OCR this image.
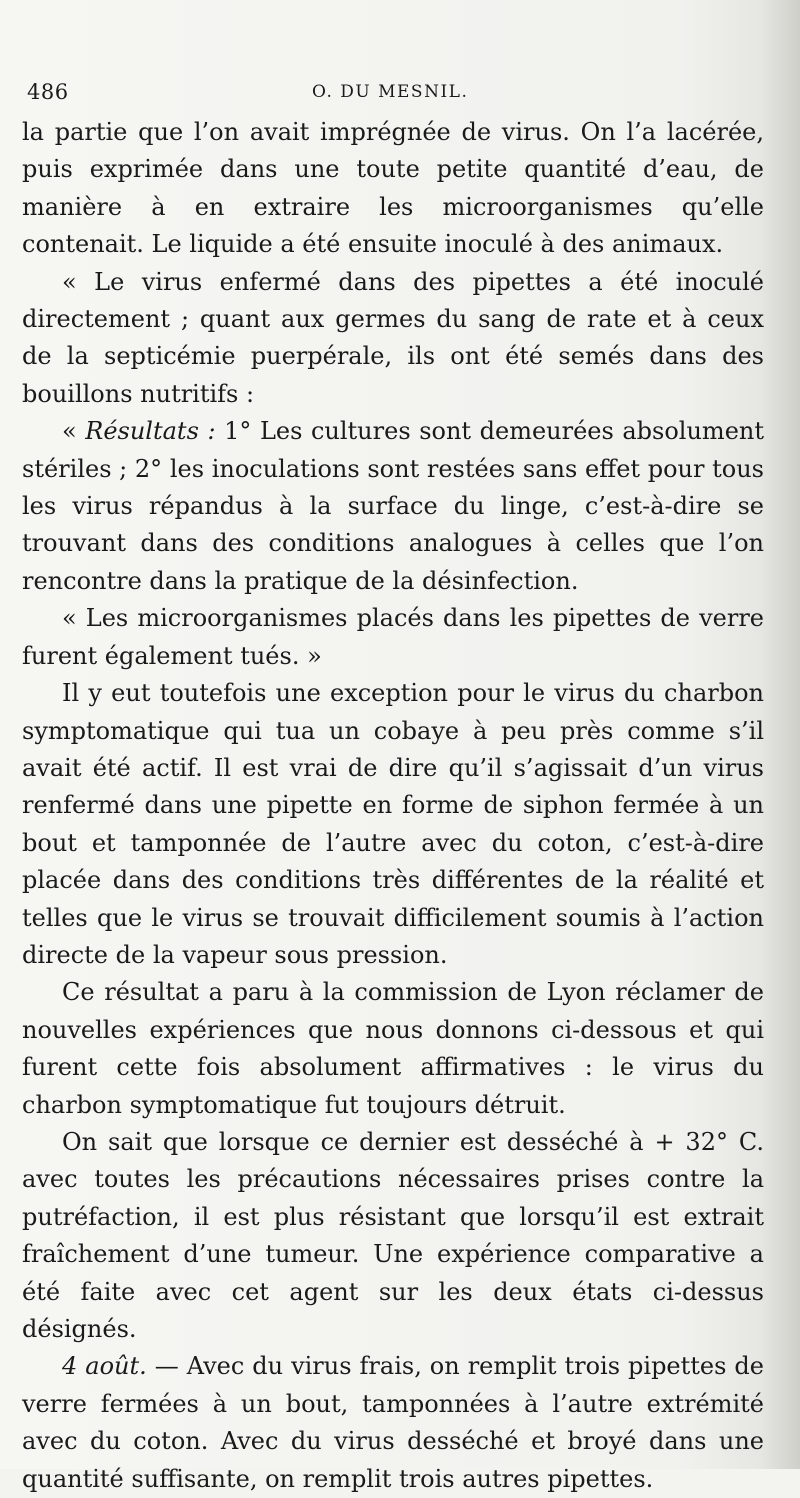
486	O. DU MESNIL.

la partie que l’on avait imprégnée de virus. On l’a lacérée, puis exprimée dans une toute petite quantité d’eau, de manière à en extraire les microorganismes qu’elle contenait. Le liquide a été ensuite inoculé à des animaux.

« Le virus enfermé dans des pipettes a été inoculé directement ; quant aux germes du sang de rate et à ceux de la septicémie puerpérale, ils ont été semés dans des bouillons nutritifs :

« Résultats : 1° Les cultures sont demeurées absolument stériles ; 2° les inoculations sont restées sans effet pour tous les virus répandus à la surface du linge, c’est-à-dire se trouvant dans des conditions analogues à celles que l’on rencontre dans la pratique de la désinfection.

« Les microorganismes placés dans les pipettes de verre furent également tués. »

Il y eut toutefois une exception pour le virus du charbon symptomatique qui tua un cobaye à peu près comme s’il avait été actif. Il est vrai de dire qu’il s’agissait d’un virus renfermé dans une pipette en forme de siphon fermée à un bout et tamponnée de l’autre avec du coton, c’est-à-dire placée dans des conditions très différentes de la réalité et telles que le virus se trouvait difficilement soumis à l’action directe de la vapeur sous pression.

Ce résultat a paru à la commission de Lyon réclamer de nouvelles expériences que nous donnons ci-dessous et qui furent cette fois absolument affirmatives : le virus du charbon symptomatique fut toujours détruit.

On sait que lorsque ce dernier est desséché à + 32° C. avec toutes les précautions nécessaires prises contre la putréfaction, il est plus résistant que lorsqu’il est extrait fraîchement d’une tumeur. Une expérience comparative a été faite avec cet agent sur les deux états ci-dessus désignés.

4 août. — Avec du virus frais, on remplit trois pipettes de verre fermées à un bout, tamponnées à l’autre extrémité avec du coton. Avec du virus desséché et broyé dans une quantité suffisante, on remplit trois autres pipettes.
